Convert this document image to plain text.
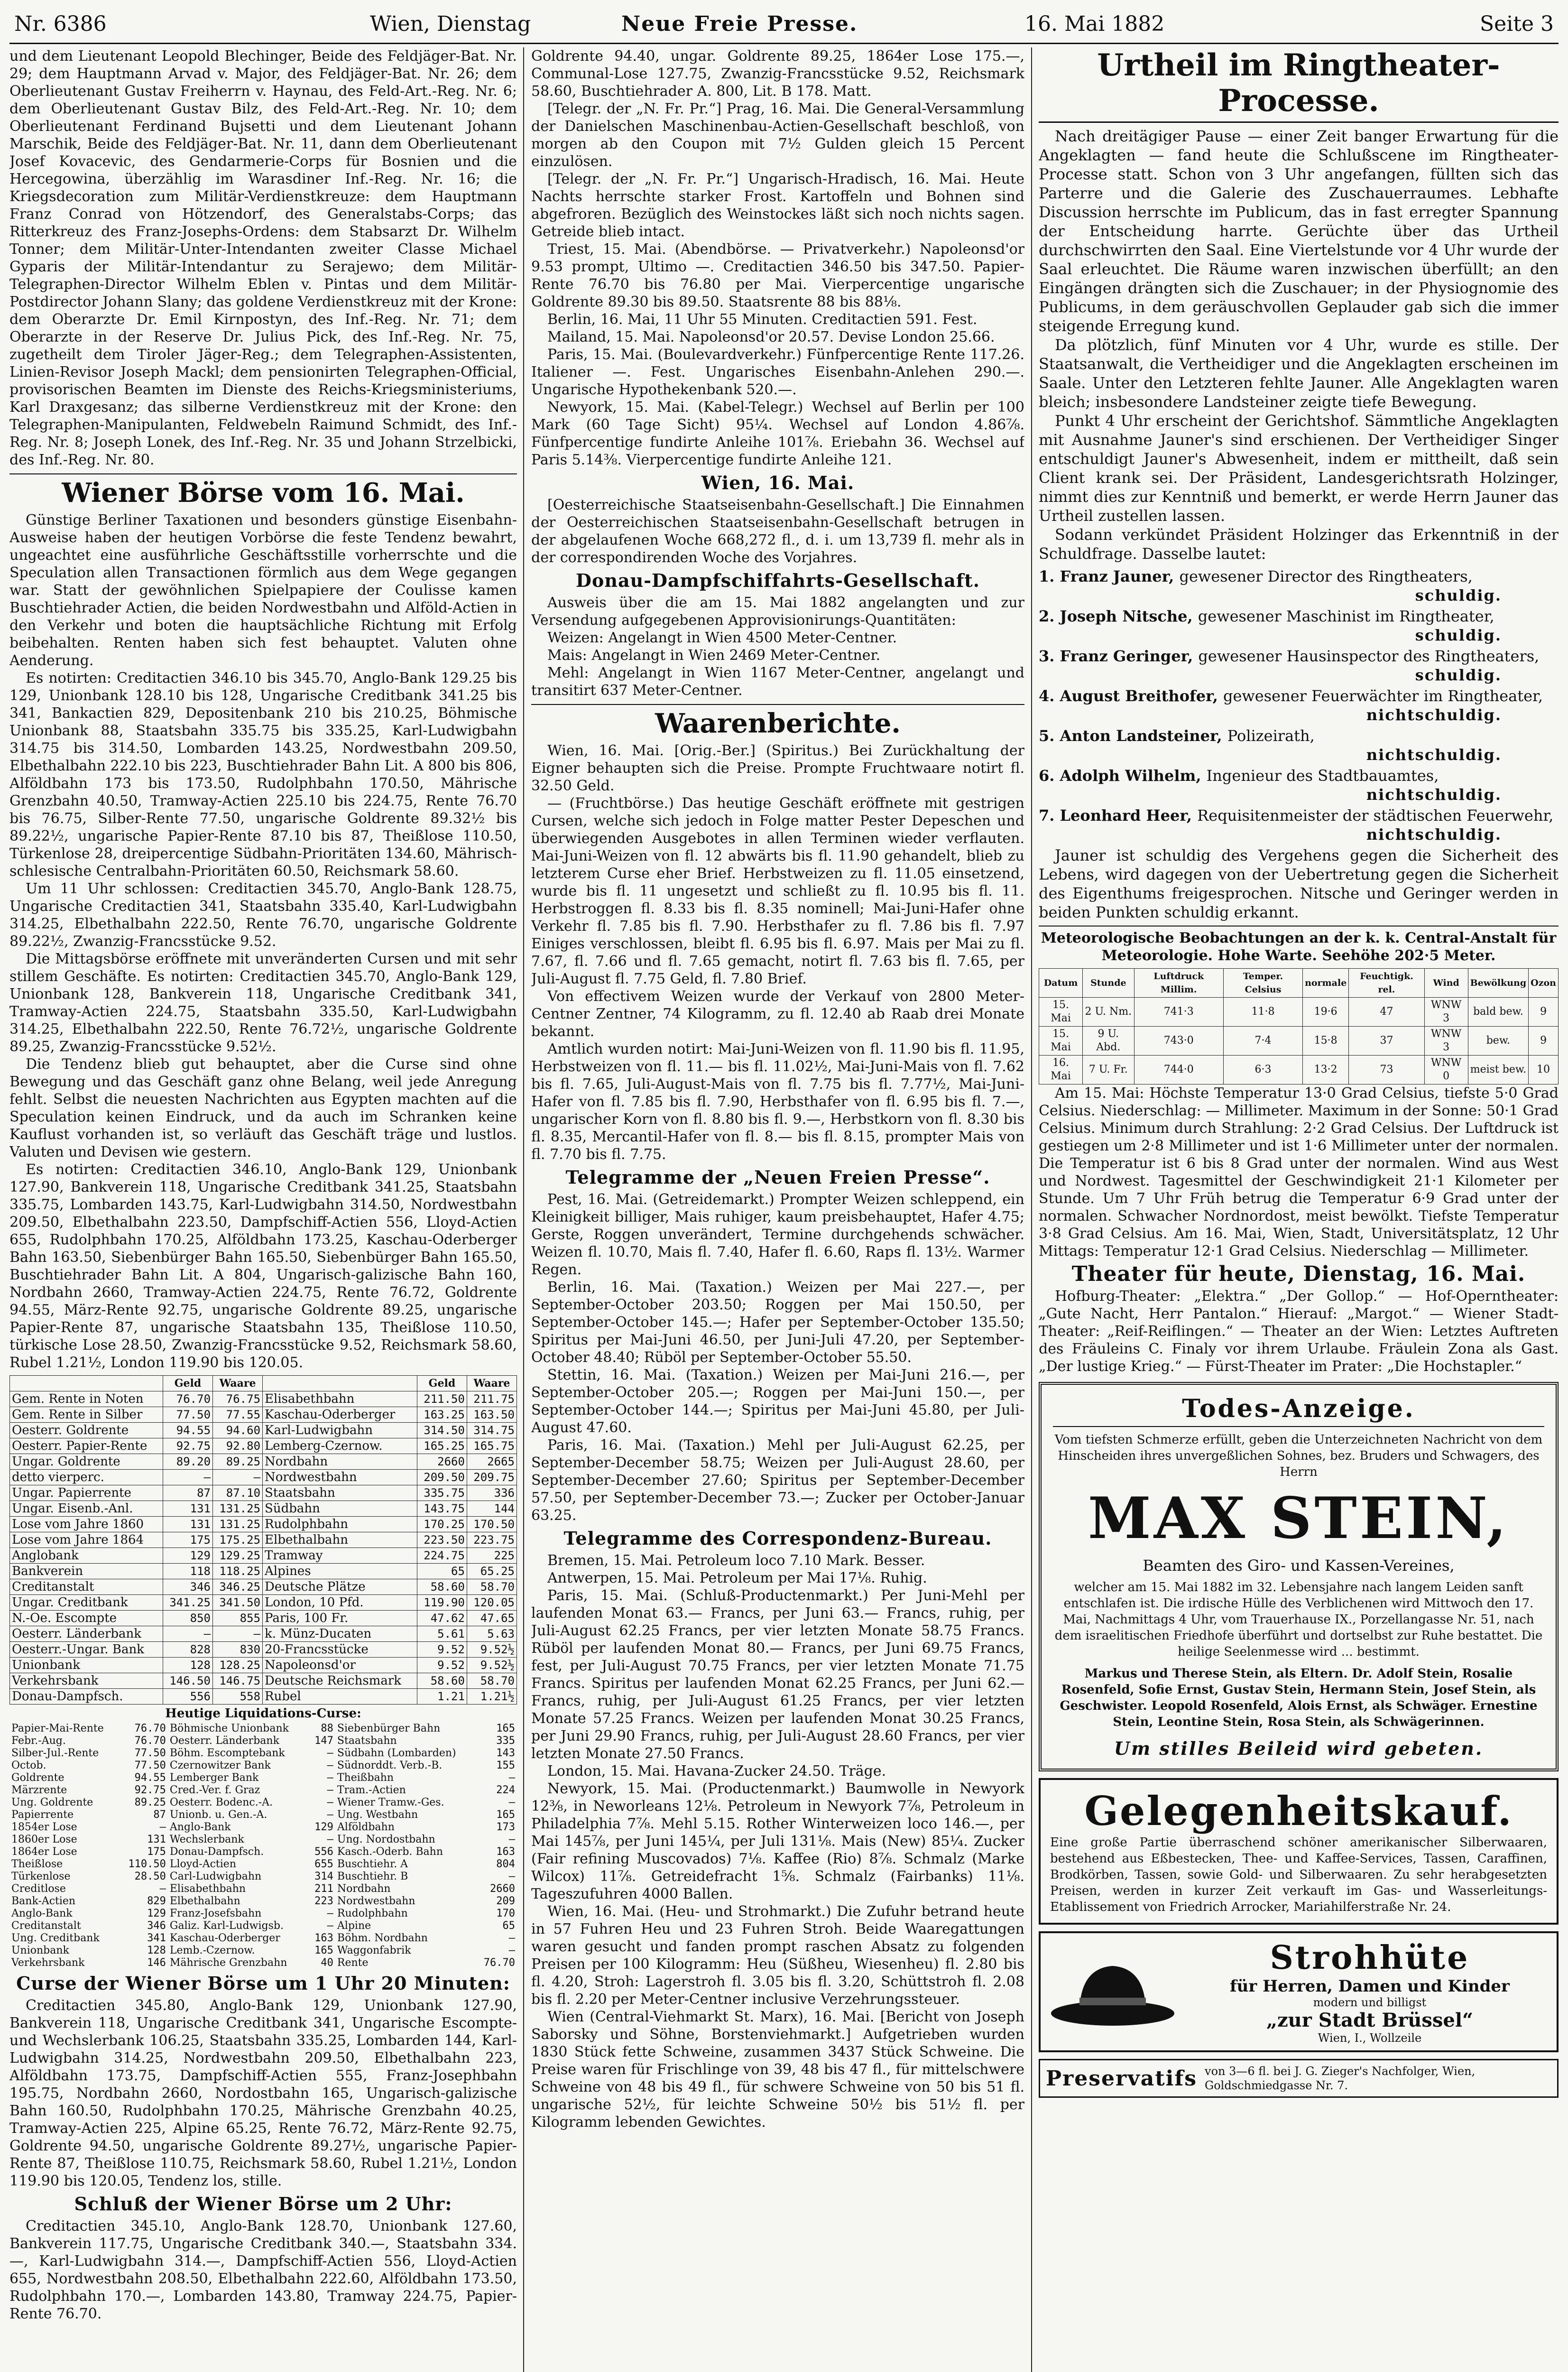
Nr. 6386	Wien, Dienstag	Neue Freie Presse.	16. Mai 1882	Seite 3

und dem Lieutenant Leopold Blechinger, Beide des Feldjäger-Bat. Nr. 29; dem Hauptmann Arvad v. Major, des Feldjäger-Bat. Nr. 26; dem Oberlieutenant Gustav Freiherrn v. Haynau, des Feld-Art.-Reg. Nr. 6; dem Oberlieutenant Gustav Bilz, des Feld-Art.-Reg. Nr. 10; dem Oberlieutenant Ferdinand Bujsetti und dem Lieutenant Johann Marschik, Beide des Feldjäger-Bat. Nr. 11, dann dem Oberlieutenant Josef Kovacevic, des Gendarmerie-Corps für Bosnien und die Hercegowina, überzählig im Warasdiner Inf.-Reg. Nr. 16; die Kriegsdecoration zum Militär-Verdienstkreuze: dem Hauptmann Franz Conrad von Hötzendorf, des Generalstabs-Corps; das Ritterkreuz des Franz-Josephs-Ordens: dem Stabsarzt Dr. Wilhelm Tonner; dem Militär-Unter-Intendanten zweiter Classe Michael Gyparis der Militär-Intendantur zu Serajewo; dem Militär-Telegraphen-Director Wilhelm Eblen v. Pintas und dem Militär-Postdirector Johann Slany; das goldene Verdienstkreuz mit der Krone: dem Oberarzte Dr. Emil Kirnpostyn, des Inf.-Reg. Nr. 71; dem Oberarzte in der Reserve Dr. Julius Pick, des Inf.-Reg. Nr. 75, zugetheilt dem Tiroler Jäger-Reg.; dem Telegraphen-Assistenten, Linien-Revisor Joseph Mackl; dem pensionirten Telegraphen-Official, provisorischen Beamten im Dienste des Reichs-Kriegsministeriums, Karl Draxgesanz; das silberne Verdienstkreuz mit der Krone: den Telegraphen-Manipulanten, Feldwebeln Raimund Schmidt, des Inf.-Reg. Nr. 8; Joseph Lonek, des Inf.-Reg. Nr. 35 und Johann Strzelbicki, des Inf.-Reg. Nr. 80.

Wiener Börse vom 16. Mai.

Günstige Berliner Taxationen und besonders günstige Eisenbahn-Ausweise haben der heutigen Vorbörse die feste Tendenz bewahrt, ungeachtet eine ausführliche Geschäftsstille vorherrschte und die Speculation allen Transactionen förmlich aus dem Wege gegangen war. Statt der gewöhnlichen Spielpapiere der Coulisse kamen Buschtiehrader Actien, die beiden Nordwestbahn und Alföld-Actien in den Verkehr und boten die hauptsächliche Richtung mit Erfolg beibehalten. Renten haben sich fest behauptet. Valuten ohne Aenderung.

Es notirten: Creditactien 346.10 bis 345.70, Anglo-Bank 129.25 bis 129, Unionbank 128.10 bis 128, Ungarische Creditbank 341.25 bis 341, Bankactien 829, Depositenbank 210 bis 210.25, Böhmische Unionbank 88, Staatsbahn 335.75 bis 335.25, Karl-Ludwigbahn 314.75 bis 314.50, Lombarden 143.25, Nordwestbahn 209.50, Elbethalbahn 222.10 bis 223, Buschtiehrader Bahn Lit. A 800 bis 806, Alföldbahn 173 bis 173.50, Rudolphbahn 170.50, Mährische Grenzbahn 40.50, Tramway-Actien 225.10 bis 224.75, Rente 76.70 bis 76.75, Silber-Rente 77.50, ungarische Goldrente 89.32½ bis 89.22½, ungarische Papier-Rente 87.10 bis 87, Theißlose 110.50, Türkenlose 28, dreipercentige Südbahn-Prioritäten 134.60, Mährisch-schlesische Centralbahn-Prioritäten 60.50, Reichsmark 58.60.

Um 11 Uhr schlossen: Creditactien 345.70, Anglo-Bank 128.75, Ungarische Creditactien 341, Staatsbahn 335.40, Karl-Ludwigbahn 314.25, Elbethalbahn 222.50, Rente 76.70, ungarische Goldrente 89.22½, Zwanzig-Francsstücke 9.52.

Die Mittagsbörse eröffnete mit unveränderten Cursen und mit sehr stillem Geschäfte. Es notirten: Creditactien 345.70, Anglo-Bank 129, Unionbank 128, Bankverein 118, Ungarische Creditbank 341, Tramway-Actien 224.75, Staatsbahn 335.50, Karl-Ludwigbahn 314.25, Elbethalbahn 222.50, Rente 76.72½, ungarische Goldrente 89.25, Zwanzig-Francsstücke 9.52½.

Die Tendenz blieb gut behauptet, aber die Curse sind ohne Bewegung und das Geschäft ganz ohne Belang, weil jede Anregung fehlt. Selbst die neuesten Nachrichten aus Egypten machten auf die Speculation keinen Eindruck, und da auch im Schranken keine Kauflust vorhanden ist, so verläuft das Geschäft träge und lustlos. Valuten und Devisen wie gestern.

Es notirten: Creditactien 346.10, Anglo-Bank 129, Unionbank 127.90, Bankverein 118, Ungarische Creditbank 341.25, Staatsbahn 335.75, Lombarden 143.75, Karl-Ludwigbahn 314.50, Nordwestbahn 209.50, Elbethalbahn 223.50, Dampfschiff-Actien 556, Lloyd-Actien 655, Rudolphbahn 170.25, Alföldbahn 173.25, Kaschau-Oderberger Bahn 163.50, Siebenbürger Bahn 165.50, Siebenbürger Bahn 165.50, Buschtiehrader Bahn Lit. A 804, Ungarisch-galizische Bahn 160, Nordbahn 2660, Tramway-Actien 224.75, Rente 76.72, Goldrente 94.55, März-Rente 92.75, ungarische Goldrente 89.25, ungarische Papier-Rente 87, ungarische Staatsbahn 135, Theißlose 110.50, türkische Lose 28.50, Zwanzig-Francsstücke 9.52, Reichsmark 58.60, Rubel 1.21½, London 119.90 bis 120.05.

	Geld	Waare		Geld	Waare
Gem. Rente in Noten	76.70	76.75	Elisabethbahn	211.50	211.75
Gem. Rente in Silber	77.50	77.55	Kaschau-Oderberger	163.25	163.50
Oesterr. Goldrente	94.55	94.60	Karl-Ludwigbahn	314.50	314.75
Oesterr. Papier-Rente	92.75	92.80	Lemberg-Czernow.	165.25	165.75
Ungar. Goldrente	89.20	89.25	Nordbahn	2660	2665
detto vierperc.	—	—	Nordwestbahn	209.50	209.75
Ungar. Papierrente	87	87.10	Staatsbahn	335.75	336
Ungar. Eisenb.-Anl.	131	131.25	Südbahn	143.75	144
Lose vom Jahre 1860	131	131.25	Rudolphbahn	170.25	170.50
Lose vom Jahre 1864	175	175.25	Elbethalbahn	223.50	223.75
Anglobank	129	129.25	Tramway	224.75	225
Bankverein	118	118.25	Alpines	65	65.25
Creditanstalt	346	346.25	Deutsche Plätze	58.60	58.70
Ungar. Creditbank	341.25	341.50	London, 10 Pfd.	119.90	120.05
N.-Oe. Escompte	850	855	Paris, 100 Fr.	47.62	47.65
Oesterr. Länderbank	—	—	k. Münz-Ducaten	5.61	5.63
Oesterr.-Ungar. Bank	828	830	20-Francsstücke	9.52	9.52½
Unionbank	128	128.25	Napoleonsd'or	9.52	9.52½
Verkehrsbank	146.50	146.75	Deutsche Reichsmark	58.60	58.70
Donau-Dampfsch.	556	558	Rubel	1.21	1.21½
Heutige Liquidations-Curse:
Papier-Mai-Rente	76.70	Böhmische Unionbank	88	Siebenbürger Bahn	165
Febr.-Aug.	76.70	Oesterr. Länderbank	147	Staatsbahn	335
Silber-Jul.-Rente	77.50	Böhm. Escomptebank	—	Südbahn (Lombarden)	143
Octob.	77.50	Czernowitzer Bank	—	Südnorddt. Verb.-B.	155
Goldrente	94.55	Lemberger Bank	—	Theißbahn	—
Märzrente	92.75	Cred.-Ver. f. Graz	—	Tram.-Actien	224
Ung. Goldrente	89.25	Oesterr. Bodenc.-A.	—	Wiener Tramw.-Ges.	—
Papierrente	87	Unionb. u. Gen.-A.	—	Ung. Westbahn	165
1854er Lose	—	Anglo-Bank	129	Alföldbahn	173
1860er Lose	131	Wechslerbank	—	Ung. Nordostbahn	—
1864er Lose	175	Donau-Dampfsch.	556	Kasch.-Oderb. Bahn	163
Theißlose	110.50	Lloyd-Actien	655	Buschtiehr. A	804
Türkenlose	28.50	Carl-Ludwigbahn	314	Buschtiehr. B	—
Creditlose	—	Elisabethbahn	211	Nordbahn	2660
Bank-Actien	829	Elbethalbahn	223	Nordwestbahn	209
Anglo-Bank	129	Franz-Josefsbahn	—	Rudolphbahn	170
Creditanstalt	346	Galiz. Karl-Ludwigsb.	—	Alpine	65
Ung. Creditbank	341	Kaschau-Oderberger	163	Böhm. Nordbahn	—
Unionbank	128	Lemb.-Czernow.	165	Waggonfabrik	—
Verkehrsbank	146	Mährische Grenzbahn	40	Rente	76.70
Curse der Wiener Börse um 1 Uhr 20 Minuten:

Creditactien 345.80, Anglo-Bank 129, Unionbank 127.90, Bankverein 118, Ungarische Creditbank 341, Ungarische Escompte- und Wechslerbank 106.25, Staatsbahn 335.25, Lombarden 144, Karl-Ludwigbahn 314.25, Nordwestbahn 209.50, Elbethalbahn 223, Alföldbahn 173.75, Dampfschiff-Actien 555, Franz-Josephbahn 195.75, Nordbahn 2660, Nordostbahn 165, Ungarisch-galizische Bahn 160.50, Rudolphbahn 170.25, Mährische Grenzbahn 40.25, Tramway-Actien 225, Alpine 65.25, Rente 76.72, März-Rente 92.75, Goldrente 94.50, ungarische Goldrente 89.27½, ungarische Papier-Rente 87, Theißlose 110.75, Reichsmark 58.60, Rubel 1.21½, London 119.90 bis 120.05, Tendenz los, stille.

Schluß der Wiener Börse um 2 Uhr:

Creditactien 345.10, Anglo-Bank 128.70, Unionbank 127.60, Bankverein 117.75, Ungarische Creditbank 340.—, Staatsbahn 334.—, Karl-Ludwigbahn 314.—, Dampfschiff-Actien 556, Lloyd-Actien 655, Nordwestbahn 208.50, Elbethalbahn 222.60, Alföldbahn 173.50, Rudolphbahn 170.—, Lombarden 143.80, Tramway 224.75, Papier-Rente 76.70.

Goldrente 94.40, ungar. Goldrente 89.25, 1864er Lose 175.—, Communal-Lose 127.75, Zwanzig-Francsstücke 9.52, Reichsmark 58.60, Buschtiehrader A. 800, Lit. B 178. Matt.

[Telegr. der „N. Fr. Pr.“] Prag, 16. Mai. Die General-Versammlung der Danielschen Maschinenbau-Actien-Gesellschaft beschloß, von morgen ab den Coupon mit 7½ Gulden gleich 15 Percent einzulösen.

[Telegr. der „N. Fr. Pr.“] Ungarisch-Hradisch, 16. Mai. Heute Nachts herrschte starker Frost. Kartoffeln und Bohnen sind abgefroren. Bezüglich des Weinstockes läßt sich noch nichts sagen. Getreide blieb intact.

Triest, 15. Mai. (Abendbörse. — Privatverkehr.) Napoleonsd'or 9.53 prompt, Ultimo —. Creditactien 346.50 bis 347.50. Papier-Rente 76.70 bis 76.80 per Mai. Vierpercentige ungarische Goldrente 89.30 bis 89.50. Staatsrente 88 bis 88⅛.

Berlin, 16. Mai, 11 Uhr 55 Minuten. Creditactien 591. Fest.

Mailand, 15. Mai. Napoleonsd'or 20.57. Devise London 25.66.

Paris, 15. Mai. (Boulevardverkehr.) Fünfpercentige Rente 117.26. Italiener —. Fest. Ungarisches Eisenbahn-Anlehen 290.—. Ungarische Hypothekenbank 520.—.

Newyork, 15. Mai. (Kabel-Telegr.) Wechsel auf Berlin per 100 Mark (60 Tage Sicht) 95¼. Wechsel auf London 4.86⅞. Fünfpercentige fundirte Anleihe 101⅞. Eriebahn 36. Wechsel auf Paris 5.14⅜. Vierpercentige fundirte Anleihe 121.

Wien, 16. Mai.

[Oesterreichische Staatseisenbahn-Gesellschaft.] Die Einnahmen der Oesterreichischen Staatseisenbahn-Gesellschaft betrugen in der abgelaufenen Woche 668,272 fl., d. i. um 13,739 fl. mehr als in der correspondirenden Woche des Vorjahres.

Donau-Dampfschiffahrts-Gesellschaft.

Ausweis über die am 15. Mai 1882 angelangten und zur Versendung aufgegebenen Approvisionirungs-Quantitäten:

Weizen: Angelangt in Wien 4500 Meter-Centner.

Mais: Angelangt in Wien 2469 Meter-Centner.

Mehl: Angelangt in Wien 1167 Meter-Centner, angelangt und transitirt 637 Meter-Centner.

Waarenberichte.

Wien, 16. Mai. [Orig.-Ber.] (Spiritus.) Bei Zurückhaltung der Eigner behaupten sich die Preise. Prompte Fruchtwaare notirt fl. 32.50 Geld.

— (Fruchtbörse.) Das heutige Geschäft eröffnete mit gestrigen Cursen, welche sich jedoch in Folge matter Pester Depeschen und überwiegenden Ausgebotes in allen Terminen wieder verflauten. Mai-Juni-Weizen von fl. 12 abwärts bis fl. 11.90 gehandelt, blieb zu letzterem Curse eher Brief. Herbstweizen zu fl. 11.05 einsetzend, wurde bis fl. 11 ungesetzt und schließt zu fl. 10.95 bis fl. 11. Herbstroggen fl. 8.33 bis fl. 8.35 nominell; Mai-Juni-Hafer ohne Verkehr fl. 7.85 bis fl. 7.90. Herbsthafer zu fl. 7.86 bis fl. 7.97 Einiges verschlossen, bleibt fl. 6.95 bis fl. 6.97. Mais per Mai zu fl. 7.67, fl. 7.66 und fl. 7.65 gemacht, notirt fl. 7.63 bis fl. 7.65, per Juli-August fl. 7.75 Geld, fl. 7.80 Brief.

Von effectivem Weizen wurde der Verkauf von 2800 Meter-Centner Zentner, 74 Kilogramm, zu fl. 12.40 ab Raab drei Monate bekannt.

Amtlich wurden notirt: Mai-Juni-Weizen von fl. 11.90 bis fl. 11.95, Herbstweizen von fl. 11.— bis fl. 11.02½, Mai-Juni-Mais von fl. 7.62 bis fl. 7.65, Juli-August-Mais von fl. 7.75 bis fl. 7.77½, Mai-Juni-Hafer von fl. 7.85 bis fl. 7.90, Herbsthafer von fl. 6.95 bis fl. 7.—, ungarischer Korn von fl. 8.80 bis fl. 9.—, Herbstkorn von fl. 8.30 bis fl. 8.35, Mercantil-Hafer von fl. 8.— bis fl. 8.15, prompter Mais von fl. 7.70 bis fl. 7.75.

Telegramme der „Neuen Freien Presse“.

Pest, 16. Mai. (Getreidemarkt.) Prompter Weizen schleppend, ein Kleinigkeit billiger, Mais ruhiger, kaum preisbehauptet, Hafer 4.75; Gerste, Roggen unverändert, Termine durchgehends schwächer. Weizen fl. 10.70, Mais fl. 7.40, Hafer fl. 6.60, Raps fl. 13½. Warmer Regen.

Berlin, 16. Mai. (Taxation.) Weizen per Mai 227.—, per September-October 203.50; Roggen per Mai 150.50, per September-October 145.—; Hafer per September-October 135.50; Spiritus per Mai-Juni 46.50, per Juni-Juli 47.20, per September-October 48.40; Rüböl per September-October 55.50.

Stettin, 16. Mai. (Taxation.) Weizen per Mai-Juni 216.—, per September-October 205.—; Roggen per Mai-Juni 150.—, per September-October 144.—; Spiritus per Mai-Juni 45.80, per Juli-August 47.60.

Paris, 16. Mai. (Taxation.) Mehl per Juli-August 62.25, per September-December 58.75; Weizen per Juli-August 28.60, per September-December 27.60; Spiritus per September-December 57.50, per September-December 73.—; Zucker per October-Januar 63.25.

Telegramme des Correspondenz-Bureau.

Bremen, 15. Mai. Petroleum loco 7.10 Mark. Besser.

Antwerpen, 15. Mai. Petroleum per Mai 17⅛. Ruhig.

Paris, 15. Mai. (Schluß-Productenmarkt.) Per Juni-Mehl per laufenden Monat 63.— Francs, per Juni 63.— Francs, ruhig, per Juli-August 62.25 Francs, per vier letzten Monate 58.75 Francs. Rüböl per laufenden Monat 80.— Francs, per Juni 69.75 Francs, fest, per Juli-August 70.75 Francs, per vier letzten Monate 71.75 Francs. Spiritus per laufenden Monat 62.25 Francs, per Juni 62.— Francs, ruhig, per Juli-August 61.25 Francs, per vier letzten Monate 57.25 Francs. Weizen per laufenden Monat 30.25 Francs, per Juni 29.90 Francs, ruhig, per Juli-August 28.60 Francs, per vier letzten Monate 27.50 Francs.

London, 15. Mai. Havana-Zucker 24.50. Träge.

Newyork, 15. Mai. (Productenmarkt.) Baumwolle in Newyork 12⅜, in Neworleans 12⅛. Petroleum in Newyork 7⅞, Petroleum in Philadelphia 7⅞. Mehl 5.15. Rother Winterweizen loco 146.—, per Mai 145⅞, per Juni 145¼, per Juli 131⅛. Mais (New) 85¼. Zucker (Fair refining Muscovados) 7⅛. Kaffee (Rio) 8⅞. Schmalz (Marke Wilcox) 11⅞. Getreidefracht 1⅝. Schmalz (Fairbanks) 11⅛. Tageszufuhren 4000 Ballen.

Wien, 16. Mai. (Heu- und Strohmarkt.) Die Zufuhr betrand heute in 57 Fuhren Heu und 23 Fuhren Stroh. Beide Waaregattungen waren gesucht und fanden prompt raschen Absatz zu folgenden Preisen per 100 Kilogramm: Heu (Süßheu, Wiesenheu) fl. 2.80 bis fl. 4.20, Stroh: Lagerstroh fl. 3.05 bis fl. 3.20, Schüttstroh fl. 2.08 bis fl. 2.20 per Meter-Centner inclusive Verzehrungssteuer.

Wien (Central-Viehmarkt St. Marx), 16. Mai. [Bericht von Joseph Saborsky und Söhne, Borstenviehmarkt.] Aufgetrieben wurden 1830 Stück fette Schweine, zusammen 3437 Stück Schweine. Die Preise waren für Frischlinge von 39, 48 bis 47 fl., für mittelschwere Schweine von 48 bis 49 fl., für schwere Schweine von 50 bis 51 fl. ungarische 52½, für leichte Schweine 50½ bis 51½ fl. per Kilogramm lebenden Gewichtes.

Urtheil im Ringtheater-Processe.

Nach dreitägiger Pause — einer Zeit banger Erwartung für die Angeklagten — fand heute die Schlußscene im Ringtheater-Processe statt. Schon von 3 Uhr angefangen, füllten sich das Parterre und die Galerie des Zuschauerraumes. Lebhafte Discussion herrschte im Publicum, das in fast erregter Spannung der Entscheidung harrte. Gerüchte über das Urtheil durchschwirrten den Saal. Eine Viertelstunde vor 4 Uhr wurde der Saal erleuchtet. Die Räume waren inzwischen überfüllt; an den Eingängen drängten sich die Zuschauer; in der Physiognomie des Publicums, in dem geräuschvollen Geplauder gab sich die immer steigende Erregung kund.

Da plötzlich, fünf Minuten vor 4 Uhr, wurde es stille. Der Staatsanwalt, die Vertheidiger und die Angeklagten erscheinen im Saale. Unter den Letzteren fehlte Jauner. Alle Angeklagten waren bleich; insbesondere Landsteiner zeigte tiefe Bewegung.

Punkt 4 Uhr erscheint der Gerichtshof. Sämmtliche Angeklagten mit Ausnahme Jauner's sind erschienen. Der Vertheidiger Singer entschuldigt Jauner's Abwesenheit, indem er mittheilt, daß sein Client krank sei. Der Präsident, Landesgerichtsrath Holzinger, nimmt dies zur Kenntniß und bemerkt, er werde Herrn Jauner das Urtheil zustellen lassen.

Sodann verkündet Präsident Holzinger das Erkenntniß in der Schuldfrage. Dasselbe lautet:

1. Franz Jauner, gewesener Director des Ringtheaters,
schuldig.
2. Joseph Nitsche, gewesener Maschinist im Ringtheater,
schuldig.
3. Franz Geringer, gewesener Hausinspector des Ringtheaters,
schuldig.
4. August Breithofer, gewesener Feuerwächter im Ringtheater,
nichtschuldig.
5. Anton Landsteiner, Polizeirath,
nichtschuldig.
6. Adolph Wilhelm, Ingenieur des Stadtbauamtes,
nichtschuldig.
7. Leonhard Heer, Requisitenmeister der städtischen Feuerwehr,
nichtschuldig.

Jauner ist schuldig des Vergehens gegen die Sicherheit des Lebens, wird dagegen von der Uebertretung gegen die Sicherheit des Eigenthums freigesprochen. Nitsche und Geringer werden in beiden Punkten schuldig erkannt.

Meteorologische Beobachtungen an der k. k. Central-Anstalt für Meteorologie. Hohe Warte. Seehöhe 202·5 Meter.
Datum	Stunde	Luftdruck Millim.	Temper. Celsius	normale	Feuchtigk. rel.	Wind	Bewölkung	Ozon
15. Mai	2 U. Nm.	741·3	11·8	19·6	47	WNW 3	bald bew.	9
15. Mai	9 U. Abd.	743·0	7·4	15·8	37	WNW 3	bew.	9
16. Mai	7 U. Fr.	744·0	6·3	13·2	73	WNW 0	meist bew.	10

Am 15. Mai: Höchste Temperatur 13·0 Grad Celsius, tiefste 5·0 Grad Celsius. Niederschlag: — Millimeter. Maximum in der Sonne: 50·1 Grad Celsius. Minimum durch Strahlung: 2·2 Grad Celsius. Der Luftdruck ist gestiegen um 2·8 Millimeter und ist 1·6 Millimeter unter der normalen. Die Temperatur ist 6 bis 8 Grad unter der normalen. Wind aus West und Nordwest. Tagesmittel der Geschwindigkeit 21·1 Kilometer per Stunde. Um 7 Uhr Früh betrug die Temperatur 6·9 Grad unter der normalen. Schwacher Nordnordost, meist bewölkt. Tiefste Temperatur 3·8 Grad Celsius. Am 16. Mai, Wien, Stadt, Universitätsplatz, 12 Uhr Mittags: Temperatur 12·1 Grad Celsius. Niederschlag — Millimeter.

Theater für heute, Dienstag, 16. Mai.

Hofburg-Theater: „Elektra.“ „Der Gollop.“ — Hof-Operntheater: „Gute Nacht, Herr Pantalon.“ Hierauf: „Margot.“ — Wiener Stadt-Theater: „Reif-Reiflingen.“ — Theater an der Wien: Letztes Auftreten des Fräuleins C. Finaly vor ihrem Urlaube. Fräulein Zona als Gast. „Der lustige Krieg.“ — Fürst-Theater im Prater: „Die Hochstapler.“

Todes-Anzeige.
Vom tiefsten Schmerze erfüllt, geben die Unterzeichneten Nachricht von dem Hinscheiden ihres unvergeßlichen Sohnes, bez. Bruders und Schwagers, des Herrn
MAX STEIN,
Beamten des Giro- und Kassen-Vereines,
welcher am 15. Mai 1882 im 32. Lebensjahre nach langem Leiden sanft entschlafen ist. Die irdische Hülle des Verblichenen wird Mittwoch den 17. Mai, Nachmittags 4 Uhr, vom Trauerhause IX., Porzellangasse Nr. 51, nach dem israelitischen Friedhofe überführt und dortselbst zur Ruhe bestattet. Die heilige Seelenmesse wird ... bestimmt.
Markus und Therese Stein, als Eltern. Dr. Adolf Stein, Rosalie Rosenfeld, Sofie Ernst, Gustav Stein, Hermann Stein, Josef Stein, als Geschwister. Leopold Rosenfeld, Alois Ernst, als Schwäger. Ernestine Stein, Leontine Stein, Rosa Stein, als Schwägerinnen.
Um stilles Beileid wird gebeten.
Gelegenheitskauf.
Eine große Partie überraschend schöner amerikanischer Silberwaaren, bestehend aus Eßbestecken, Thee- und Kaffee-Services, Tassen, Caraffinen, Brodkörben, Tassen, sowie Gold- und Silberwaaren. Zu sehr herabgesetzten Preisen, werden in kurzer Zeit verkauft im Gas- und Wasserleitungs-Etablissement von Friedrich Arrocker, Mariahilferstraße Nr. 24.
Strohhüte
für Herren, Damen und Kinder
modern und billigst
„zur Stadt Brüssel“
Wien, I., Wollzeile
Preservatifs von 3—6 fl. bei J. G. Zieger's Nachfolger, Wien, Goldschmiedgasse Nr. 7.
